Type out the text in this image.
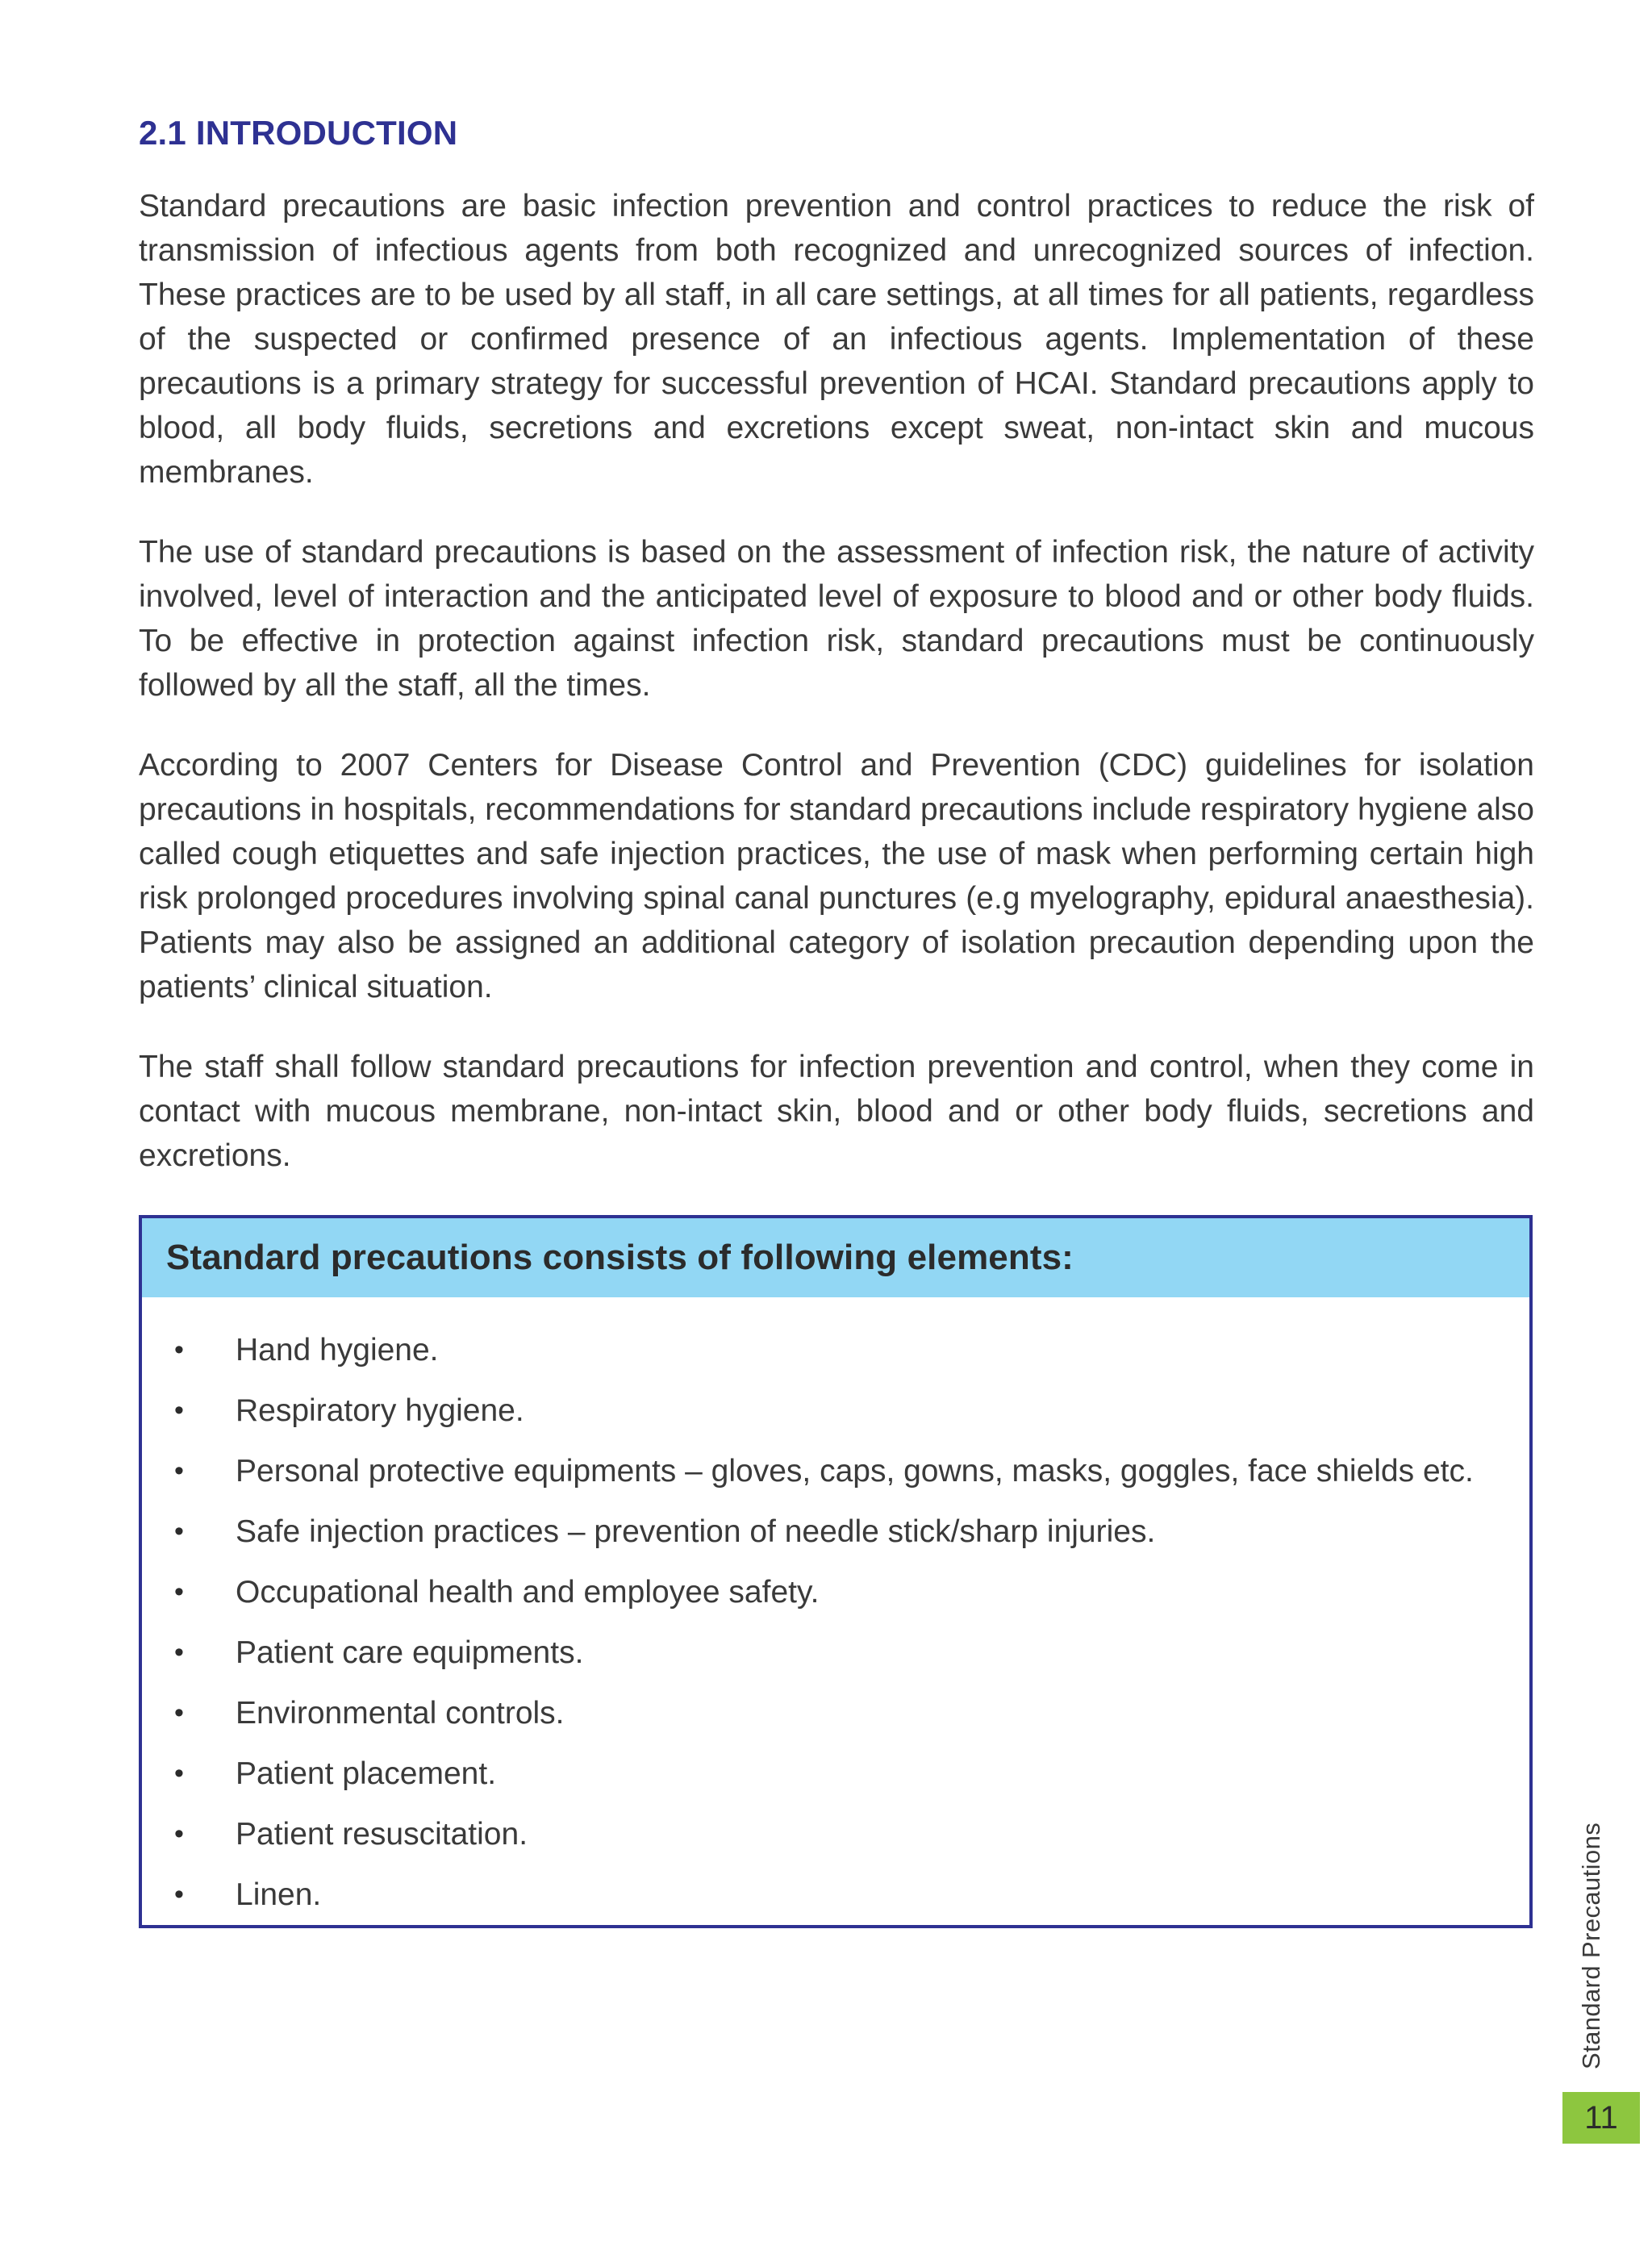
2.1 INTRODUCTION

Standard precautions are basic infection prevention and control practices to reduce the risk of transmission of infectious agents from both recognized and unrecognized sources of infection. These practices are to be used by all staff, in all care settings, at all times for all patients, regardless of the suspected or confirmed presence of an infectious agents. Implementation of these precautions is a primary strategy for successful prevention of HCAI. Standard precautions apply to blood, all body fluids, secretions and excretions except sweat, non-intact skin and mucous membranes.

The use of standard precautions is based on the assessment of infection risk, the nature of activity involved, level of interaction and the anticipated level of exposure to blood and or other body fluids. To be effective in protection against infection risk, standard precautions must be continuously followed by all the staff, all the times.

According to 2007 Centers for Disease Control and Prevention (CDC) guidelines for isolation precautions in hospitals, recommendations for standard precautions include respiratory hygiene also called cough etiquettes and safe injection practices, the use of mask when performing certain high risk prolonged procedures involving spinal canal punctures (e.g myelography, epidural anaesthesia). Patients may also be assigned an additional category of isolation precaution depending upon the patients’ clinical situation.

The staff shall follow standard precautions for infection prevention and control, when they come in contact with mucous membrane, non-intact skin, blood and or other body fluids, secretions and excretions.

Standard precautions consists of following elements:
•	Hand hygiene.
•	Respiratory hygiene.
•	Personal protective equipments – gloves, caps, gowns, masks, goggles, face shields etc.
•	Safe injection practices – prevention of needle stick/sharp injuries.
•	Occupational health and employee safety.
•	Patient care equipments.
•	Environmental controls.
•	Patient placement.
•	Patient resuscitation.
•	Linen.	Standard Precautions
11
